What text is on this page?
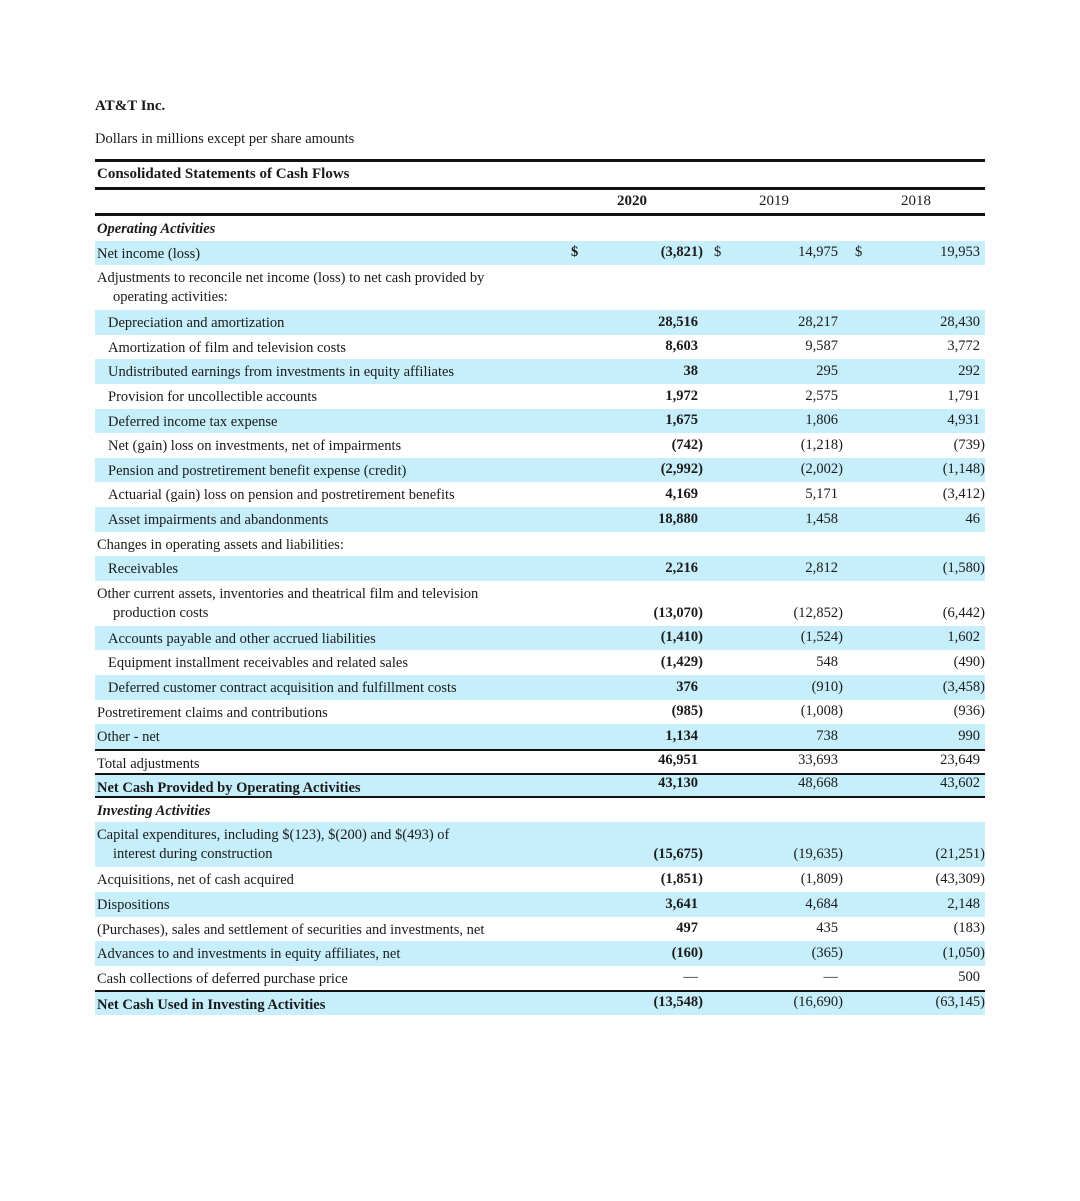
AT&T Inc.
Dollars in millions except per share amounts
Consolidated Statements of Cash Flows
2020	2019	2018
Operating Activities
Net income (loss)	$	(3,821) $	14,975 $	19,953
Adjustments to reconcile net income (loss) to net cash provided by
operating activities:
Depreciation and amortization	28,516	28,217	28,430
Amortization of film and television costs	8,603	9,587	3,772
Undistributed earnings from investments in equity affiliates	38	295	292
Provision for uncollectible accounts	1,972	2,575	1,791
Deferred income tax expense	1,675	1,806	4,931
Net (gain) loss on investments, net of impairments	(742)	(1,218)	(739)
Pension and postretirement benefit expense (credit)	(2,992)	(2,002)	(1,148)
Actuarial (gain) loss on pension and postretirement benefits	4,169	5,171	(3,412)
Asset impairments and abandonments	18,880	1,458	46
Changes in operating assets and liabilities:
Receivables	2,216	2,812	(1,580)
Other current assets, inventories and theatrical film and television
production costs	(13,070)	(12,852)	(6,442)
Accounts payable and other accrued liabilities	(1,410)	(1,524)	1,602
Equipment installment receivables and related sales	(1,429)	548	(490)
Deferred customer contract acquisition and fulfillment costs	376	(910)	(3,458)
Postretirement claims and contributions	(985)	(1,008)	(936)
Other - net	1,134	738	990
Total adjustments	46,951	33,693	23,649
Net Cash Provided by Operating Activities	43,130	48,668	43,602
Investing Activities
Capital expenditures, including $(123), $(200) and $(493) of
interest during construction	(15,675)	(19,635)	(21,251)
Acquisitions, net of cash acquired	(1,851)	(1,809)	(43,309)
Dispositions	3,641	4,684	2,148
(Purchases), sales and settlement of securities and investments, net	497	435	(183)
Advances to and investments in equity affiliates, net	(160)	(365)	(1,050)
Cash collections of deferred purchase price	—	—	500
Net Cash Used in Investing Activities	(13,548)	(16,690)	(63,145)
